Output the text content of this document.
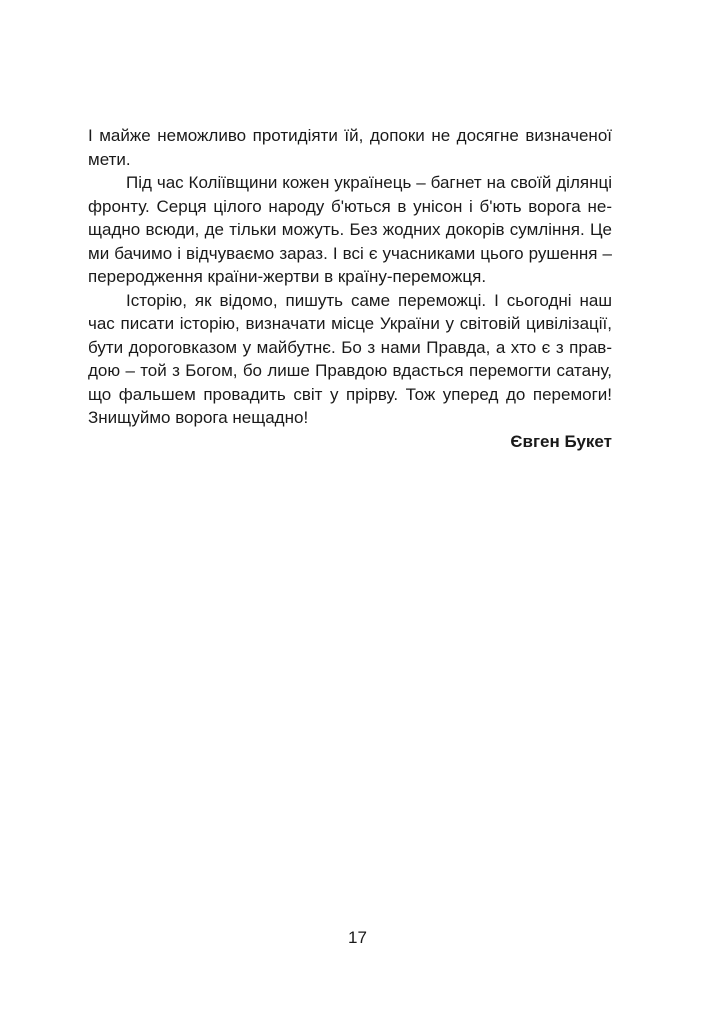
І майже неможливо протидіяти їй, допоки не досягне визначеної
мети.
Під час Коліївщини кожен українець – багнет на своїй ділянці
фронту. Серця цілого народу б'ються в унісон і б'ють ворога не-
щадно всюди, де тільки можуть. Без жодних докорів сумління. Це
ми бачимо і відчуваємо зараз. І всі є учасниками цього рушення –
переродження країни-жертви в країну-переможця.
Історію, як відомо, пишуть саме переможці. І сьогодні наш
час писати історію, визначати місце України у світовій цивілізації,
бути дороговказом у майбутнє. Бо з нами Правда, а хто є з прав-
дою – той з Богом, бо лише Правдою вдасться перемогти сатану,
що фальшем провадить світ у прірву. Тож уперед до перемоги!
Знищуймо ворога нещадно!
Євген Букет
17
